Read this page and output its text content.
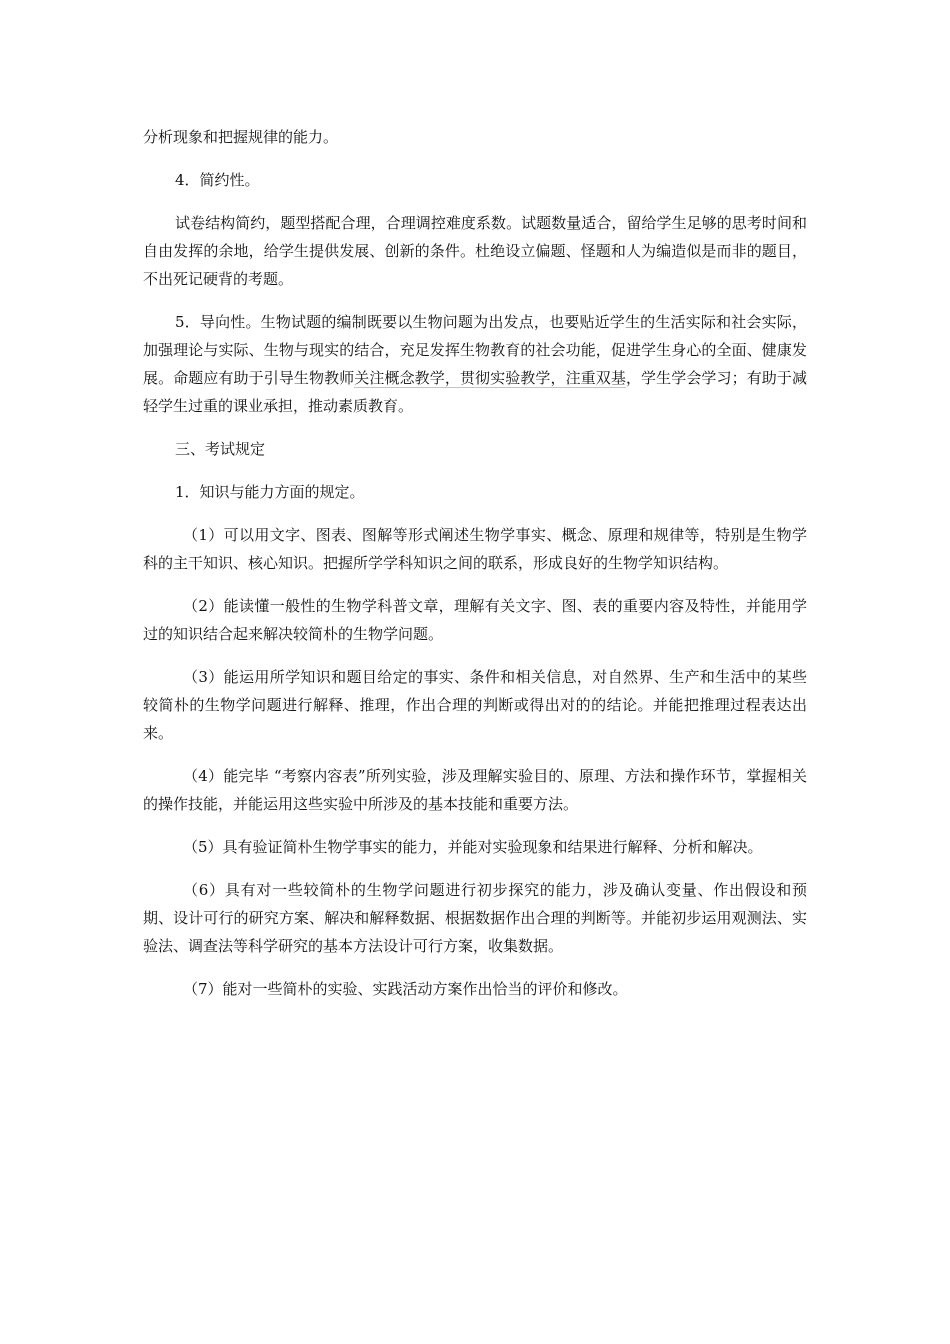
分析现象和把握规律的能力。

4．简约性。

试卷结构简约，题型搭配合理，合理调控难度系数。试题数量适合，留给学生足够的思考时间和自由发挥的余地，给学生提供发展、创新的条件。杜绝设立偏题、怪题和人为编造似是而非的题目，不出死记硬背的考题。

5．导向性。生物试题的编制既要以生物问题为出发点，也要贴近学生的生活实际和社会实际，加强理论与实际、生物与现实的结合，充足发挥生物教育的社会功能，促进学生身心的全面、健康发展。命题应有助于引导生物教师关注概念教学，贯彻实验教学，注重双基，学生学会学习；有助于减轻学生过重的课业承担，推动素质教育。

三、考试规定

1．知识与能力方面的规定。

（1）可以用文字、图表、图解等形式阐述生物学事实、概念、原理和规律等，特别是生物学科的主干知识、核心知识。把握所学学科知识之间的联系，形成良好的生物学知识结构。

（2）能读懂一般性的生物学科普文章，理解有关文字、图、表的重要内容及特性，并能用学过的知识结合起来解决较简朴的生物学问题。

（3）能运用所学知识和题目给定的事实、条件和相关信息，对自然界、生产和生活中的某些较简朴的生物学问题进行解释、推理，作出合理的判断或得出对的的结论。并能把推理过程表达出来。

（4）能完毕 “考察内容表”所列实验，涉及理解实验目的、原理、方法和操作环节，掌握相关的操作技能，并能运用这些实验中所涉及的基本技能和重要方法。

（5）具有验证简朴生物学事实的能力，并能对实验现象和结果进行解释、分析和解决。

（6）具有对一些较简朴的生物学问题进行初步探究的能力，涉及确认变量、作出假设和预期、设计可行的研究方案、解决和解释数据、根据数据作出合理的判断等。并能初步运用观测法、实验法、调查法等科学研究的基本方法设计可行方案，收集数据。

（7）能对一些简朴的实验、实践活动方案作出恰当的评价和修改。
